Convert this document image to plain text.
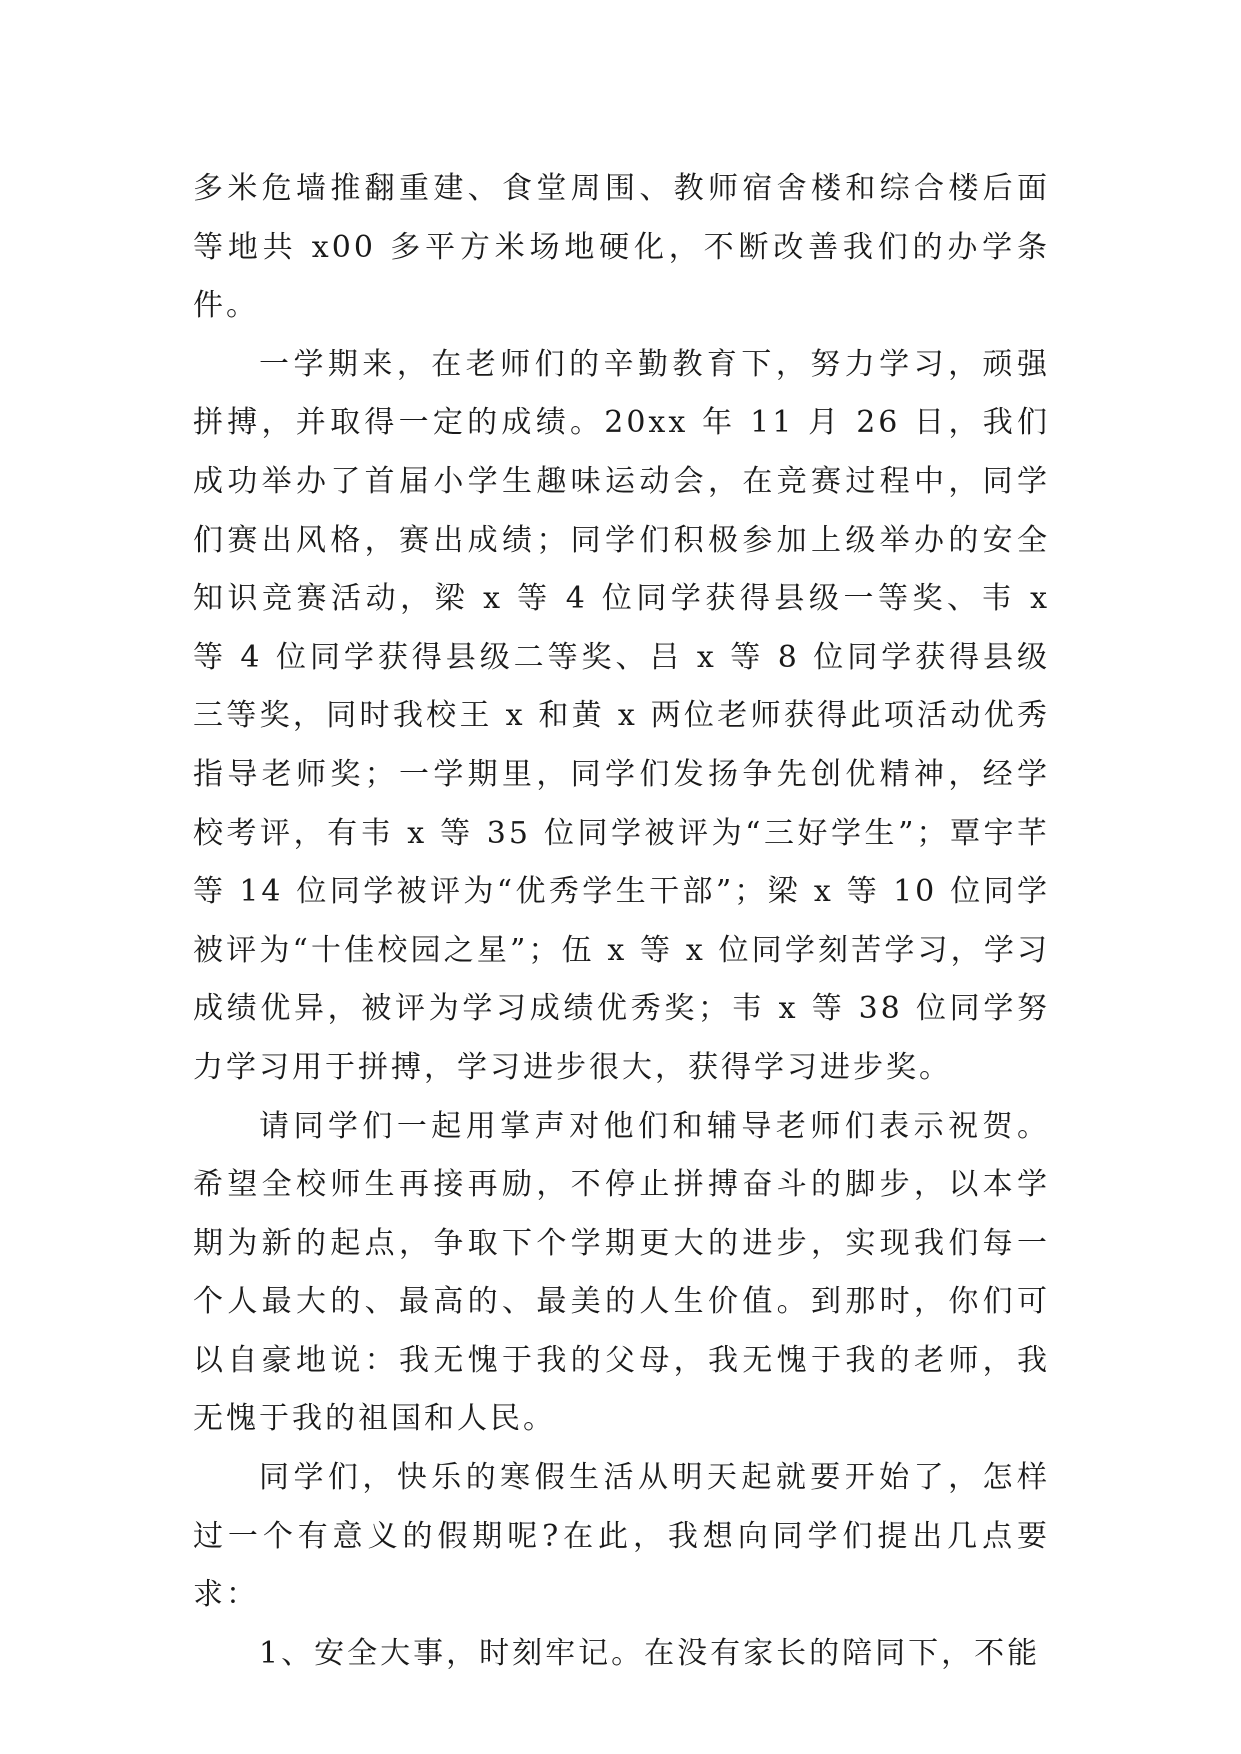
多米危墙推翻重建、食堂周围、教师宿舍楼和综合楼后面等地共 x00 多平方米场地硬化，不断改善我们的办学条件。

一学期来，在老师们的辛勤教育下，努力学习，顽强拼搏，并取得一定的成绩。20xx 年 11 月 26 日，我们成功举办了首届小学生趣味运动会，在竞赛过程中，同学们赛出风格，赛出成绩；同学们积极参加上级举办的安全知识竞赛活动，梁 x 等 4 位同学获得县级一等奖、韦 x 等 4 位同学获得县级二等奖、吕 x 等 8 位同学获得县级三等奖，同时我校王 x 和黄 x 两位老师获得此项活动优秀指导老师奖；一学期里，同学们发扬争先创优精神，经学校考评，有韦 x 等 35 位同学被评为“三好学生”；覃宇芊等 14 位同学被评为“优秀学生干部”；梁 x 等 10 位同学被评为“十佳校园之星”；伍 x 等 x 位同学刻苦学习，学习成绩优异，被评为学习成绩优秀奖；韦 x 等 38 位同学努力学习用于拼搏，学习进步很大，获得学习进步奖。

请同学们一起用掌声对他们和辅导老师们表示祝贺。希望全校师生再接再励，不停止拼搏奋斗的脚步，以本学期为新的起点，争取下个学期更大的进步，实现我们每一个人最大的、最高的、最美的人生价值。到那时，你们可以自豪地说：我无愧于我的父母，我无愧于我的老师，我无愧于我的祖国和人民。

同学们，快乐的寒假生活从明天起就要开始了，怎样过一个有意义的假期呢?在此，我想向同学们提出几点要求：

1、安全大事，时刻牢记。在没有家长的陪同下，不能
